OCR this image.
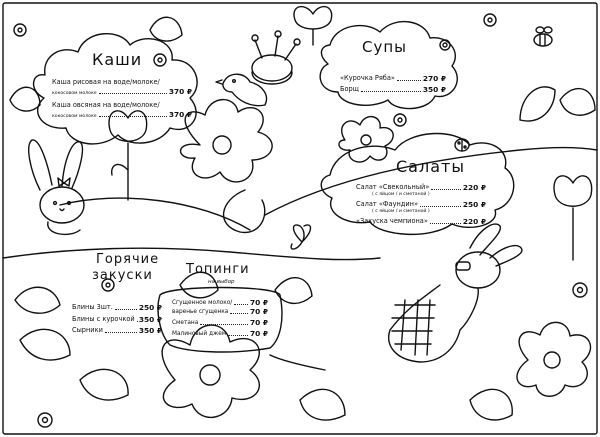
Каши
Каша рисовая на воде/молоке/
кокосовом молоке	370 ₽
Каша овсяная на воде/молоке/
кокосовом молоке	370 ₽
Супы
«Курочка Ряба»	270 ₽
Борщ	350 ₽
Салаты
Салат «Свекольный»	220 ₽
( с яйцом / и сметаной )
Салат «Фаундин»	250 ₽
( с яйцом / и сметаной )
«Закуска чемпиона»	220 ₽
Горячие
закуски
Блины 3шт.	250 ₽
Блины с курочкой 350 ₽
Сырники	350 ₽
Топинги
на выбор
Сгущенное молоко/ 70 ₽
варенье сгущенка	70 ₽
Сметана	70 ₽
Малиновый джем	70 ₽
